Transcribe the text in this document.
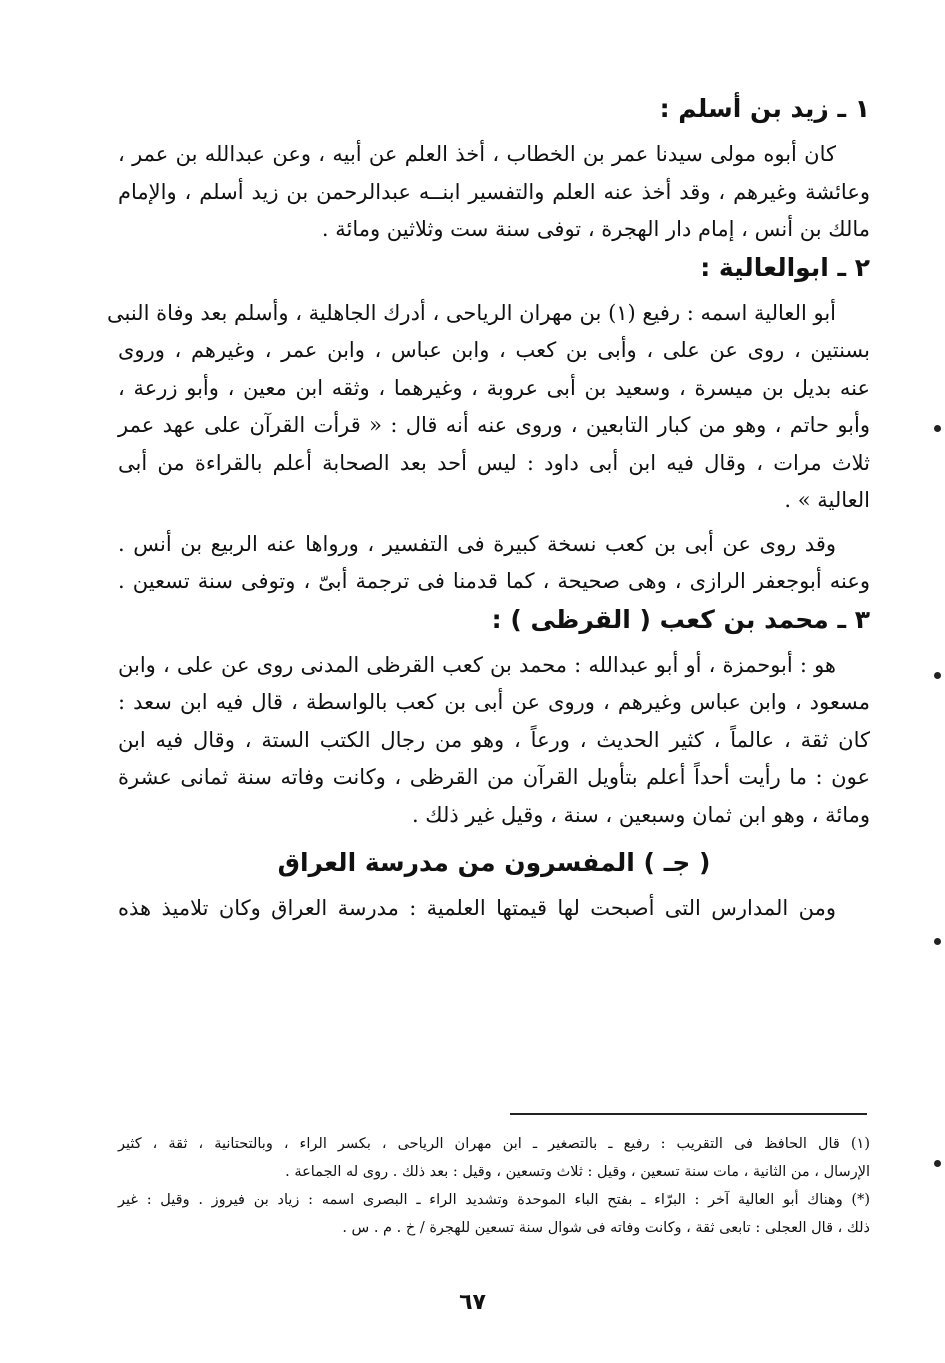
١ ـ زيد بن أسلم :

كان أبوه مولى سيدنا عمر بن الخطاب ، أخذ العلم عن أبيه ، وعن عبدالله بن عمر ،

وعائشة وغيرهم ، وقد أخذ عنه العلم والتفسير ابنــه عبدالرحمن بن زيد أسلم ، والإمام

مالك بن أنس ، إمام دار الهجرة ، توفى سنة ست وثلاثين ومائة .

٢ ـ ابوالعالية :

أبو العالية اسمه : رفيع (١) بن مهران الرياحى ، أدرك الجاهلية ، وأسلم بعد وفاة النبى

بسنتين ، روى عن على ، وأبى بن كعب ، وابن عباس ، وابن عمر ، وغيرهم ، وروى

عنه بديل بن ميسرة ، وسعيد بن أبى عروبة ، وغيرهما ، وثقه ابن معين ، وأبو زرعة ،

وأبو حاتم ، وهو من كبار التابعين ، وروى عنه أنه قال : « قرأت القرآن على عهد عمر

ثلاث مرات ، وقال فيه ابن أبى داود : ليس أحد بعد الصحابة أعلم بالقراءة من أبى

العالية » .

وقد روى عن أبى بن كعب نسخة كبيرة فى التفسير ، ورواها عنه الربيع بن أنس .

وعنه أبوجعفر الرازى ، وهى صحيحة ، كما قدمنا فى ترجمة أبىّ ، وتوفى سنة تسعين .

٣ ـ محمد بن كعب ( القرظى ) :

هو : أبوحمزة ، أو أبو عبدالله : محمد بن كعب القرظى المدنى روى عن على ، وابن

مسعود ، وابن عباس وغيرهم ، وروى عن أبى بن كعب بالواسطة ، قال فيه ابن سعد :

كان ثقة ، عالماً ، كثير الحديث ، ورعاً ، وهو من رجال الكتب الستة ، وقال فيه ابن

عون : ما رأيت أحداً أعلم بتأويل القرآن من القرظى ، وكانت وفاته سنة ثمانى عشرة

ومائة ، وهو ابن ثمان وسبعين ، سنة ، وقيل غير ذلك .

( جـ ) المفسرون من مدرسة العراق

ومن المدارس التى أصبحت لها قيمتها العلمية : مدرسة العراق وكان تلاميذ هذه

(١) قال الحافظ فى التقريب : رفيع ـ بالتصغير ـ ابن مهران الرياحى ، بكسر الراء ، وبالتحتانية ، ثقة ، كثير

الإرسال ، من الثانية ، مات سنة تسعين ، وقيل : ثلاث وتسعين ، وقيل : بعد ذلك . روى له الجماعة .

(*) وهناك أبو العالية آخر : البرّاء ـ بفتح الباء الموحدة وتشديد الراء ـ البصرى اسمه : زياد بن فيروز . وقيل : غير

ذلك ، قال العجلى : تابعى ثقة ، وكانت وفاته فى شوال سنة تسعين للهجرة / خ . م . س .

٦٧
